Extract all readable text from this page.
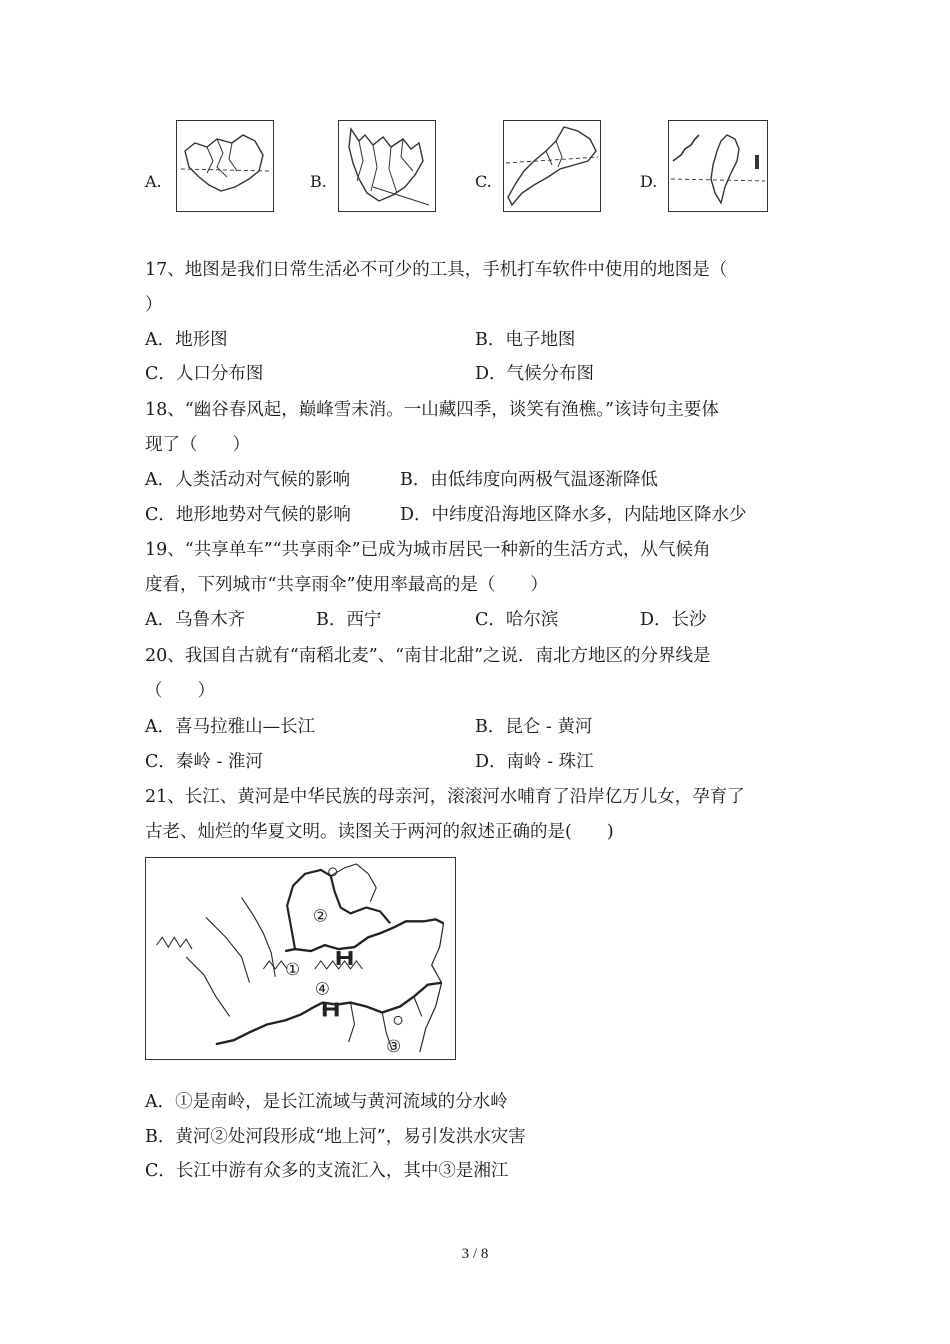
A.	B.	C.	D.
17、地图是我们日常生活必不可少的工具，手机打车软件中使用的地图是（
）
A．地形图	B．电子地图
C．人口分布图	D．气候分布图
18、“幽谷春风起，巅峰雪未消。一山藏四季，谈笑有渔樵。”该诗句主要体
现了（　　）
A．人类活动对气候的影响	B．由低纬度向两极气温逐渐降低
C．地形地势对气候的影响	D．中纬度沿海地区降水多，内陆地区降水少
19、“共享单车”“共享雨伞”已成为城市居民一种新的生活方式，从气候角
度看，下列城市“共享雨伞”使用率最高的是（　　）
A．乌鲁木齐	B．西宁	C．哈尔滨	D．长沙
20、我国自古就有“南稻北麦”、“南甘北甜”之说．南北方地区的分界线是
（　　）
A．喜马拉雅山—长江	B．昆仑 - 黄河
C．秦岭 - 淮河	D．南岭 - 珠江
21、长江、黄河是中华民族的母亲河，滚滚河水哺育了沿岸亿万儿女，孕育了
古老、灿烂的华夏文明。读图关于两河的叙述正确的是(　　)
②
①
④
③
A．①是南岭，是长江流域与黄河流域的分水岭
B．黄河②处河段形成“地上河”，易引发洪水灾害
C．长江中游有众多的支流汇入，其中③是湘江
3 / 8
